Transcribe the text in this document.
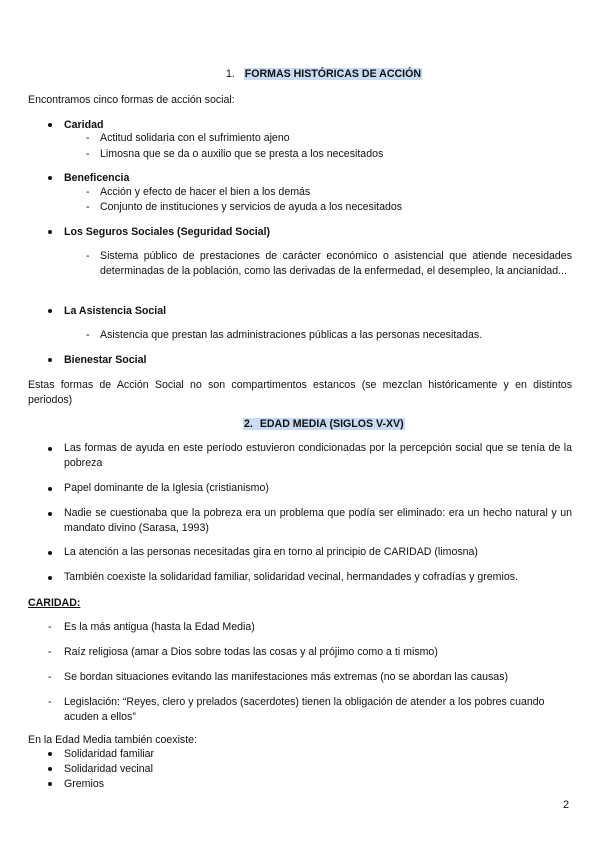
1. FORMAS HISTÓRICAS DE ACCIÓN
Encontramos cinco formas de acción social:
Caridad
- Actitud solidaria con el sufrimiento ajeno
- Limosna que se da o auxilio que se presta a los necesitados
Beneficencia
- Acción y efecto de hacer el bien a los demás
- Conjunto de instituciones y servicios de ayuda a los necesitados
Los Seguros Sociales (Seguridad Social)
- Sistema público de prestaciones de carácter económico o asistencial que atiende necesidades determinadas de la población, como las derivadas de la enfermedad, el desempleo, la ancianidad...
La Asistencia Social
- Asistencia que prestan las administraciones públicas a las personas necesitadas.
Bienestar Social
Estas formas de Acción Social no son compartimentos estancos (se mezclan históricamente y en distintos periodos)
2. EDAD MEDIA (SIGLOS V-XV)
Las formas de ayuda en este período estuvieron condicionadas por la percepción social que se tenía de la pobreza
Papel dominante de la Iglesia (cristianismo)
Nadie se cuestionaba que la pobreza era un problema que podía ser eliminado: era un hecho natural y un mandato divino (Sarasa, 1993)
La atención a las personas necesitadas gira en torno al principio de CARIDAD (limosna)
También coexiste la solidaridad familiar, solidaridad vecinal, hermandades y cofradías y gremios.
CARIDAD:
- Es la más antigua (hasta la Edad Media)
- Raíz religiosa (amar a Dios sobre todas las cosas y al prójimo como a ti mismo)
- Se bordan situaciones evitando las manifestaciones más extremas (no se abordan las causas)
- Legislación: “Reyes, clero y prelados (sacerdotes) tienen la obligación de atender a los pobres cuando acuden a ellos”
En la Edad Media también coexiste:
Solidaridad familiar
Solidaridad vecinal
Gremios
2
